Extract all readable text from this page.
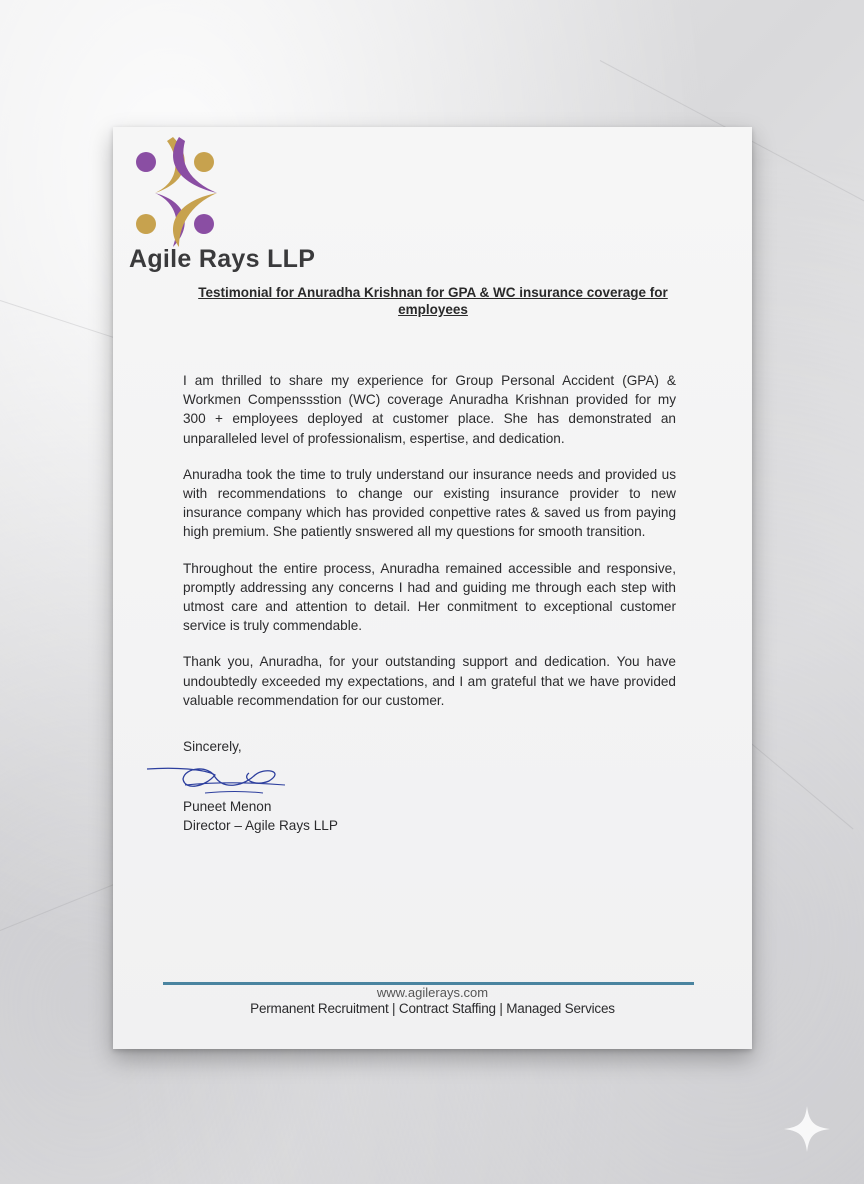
Agile Rays LLP
Testimonial for Anuradha Krishnan for GPA & WC insurance coverage for employees

I am thrilled to share my experience for Group Personal Accident (GPA) & Workmen Compenssstion (WC) coverage Anuradha Krishnan provided for my 300 + employees deployed at customer place. She has demonstrated an unparalleled level of professionalism, espertise, and dedication.

Anuradha took the time to truly understand our insurance needs and provided us with recommendations to change our existing insurance provider to new insurance company which has provided conpettive rates & saved us from paying high premium. She patiently snswered all my questions for smooth transition.

Throughout the entire process, Anuradha remained accessible and responsive, promptly addressing any concerns I had and guiding me through each step with utmost care and attention to detail. Her conmitment to exceptional customer service is truly commendable.

Thank you, Anuradha, for your outstanding support and dedication. You have undoubtedly exceeded my expectations, and I am grateful that we have provided valuable recommendation for our customer.

Sincerely,
Puneet Menon
Director – Agile Rays LLP
www.agilerays.com
Permanent Recruitment | Contract Staffing | Managed Services
